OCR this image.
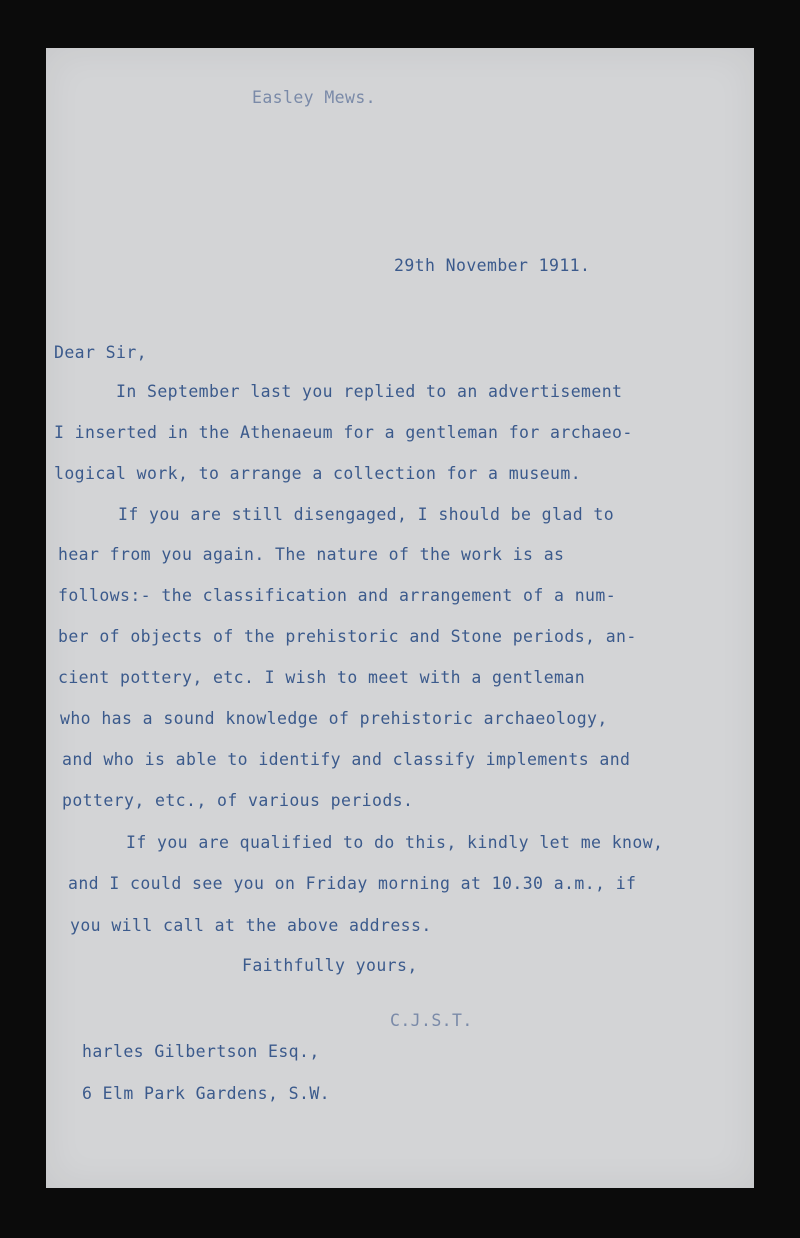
Easley Mews.

29th November 1911.

Dear Sir,

In September last you replied to an advertisement

I inserted in the Athenaeum for a gentleman for archaeo-

logical work, to arrange a collection for a museum.

If you are still disengaged, I should be glad to

hear from you again. The nature of the work is as

follows:- the classification and arrangement of a num-

ber of objects of the prehistoric and Stone periods, an-

cient pottery, etc. I wish to meet with a gentleman

who has a sound knowledge of prehistoric archaeology,

and who is able to identify and classify implements and

pottery, etc., of various periods.

If you are qualified to do this, kindly let me know,

and I could see you on Friday morning at 10.30 a.m., if

you will call at the above address.

Faithfully yours,

C.J.S.T.

harles Gilbertson Esq.,

6 Elm Park Gardens, S.W.
